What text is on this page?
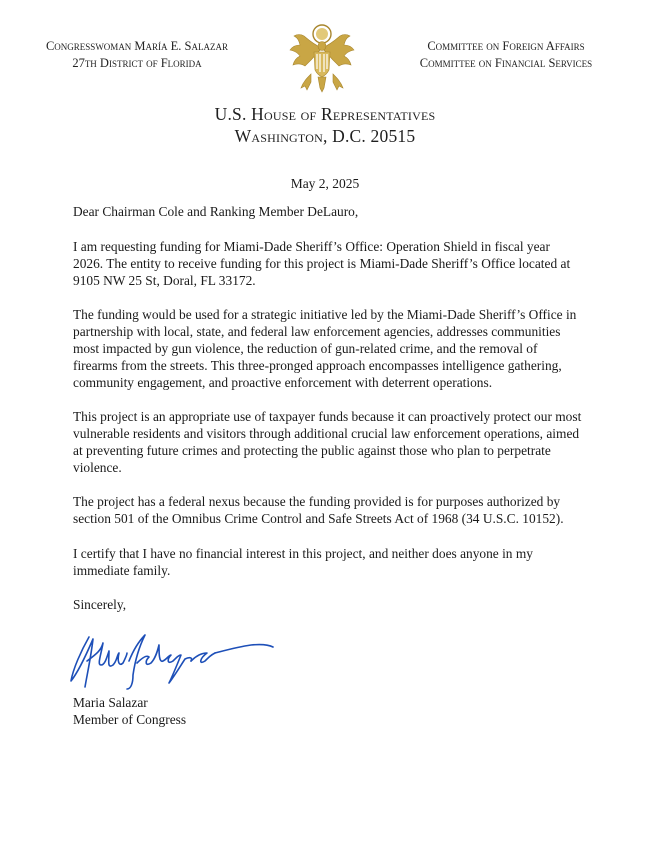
Congresswoman María E. Salazar
27th District of Florida
Committee on Foreign Affairs
Committee on Financial Services
U.S. House of Representatives
Washington, D.C. 20515
May 2, 2025

Dear Chairman Cole and Ranking Member DeLauro,

I am requesting funding for Miami-Dade Sheriff’s Office: Operation Shield in fiscal year 2026. The entity to receive funding for this project is Miami-Dade Sheriff’s Office located at 9105 NW 25 St, Doral, FL 33172.

The funding would be used for a strategic initiative led by the Miami-Dade Sheriff’s Office in partnership with local, state, and federal law enforcement agencies, addresses communities most impacted by gun violence, the reduction of gun-related crime, and the removal of firearms from the streets. This three-pronged approach encompasses intelligence gathering, community engagement, and proactive enforcement with deterrent operations.

This project is an appropriate use of taxpayer funds because it can proactively protect our most vulnerable residents and visitors through additional crucial law enforcement operations, aimed at preventing future crimes and protecting the public against those who plan to perpetrate violence.

The project has a federal nexus because the funding provided is for purposes authorized by section 501 of the Omnibus Crime Control and Safe Streets Act of 1968 (34 U.S.C. 10152).

I certify that I have no financial interest in this project, and neither does anyone in my immediate family.

Sincerely,

Maria Salazar

Member of Congress
